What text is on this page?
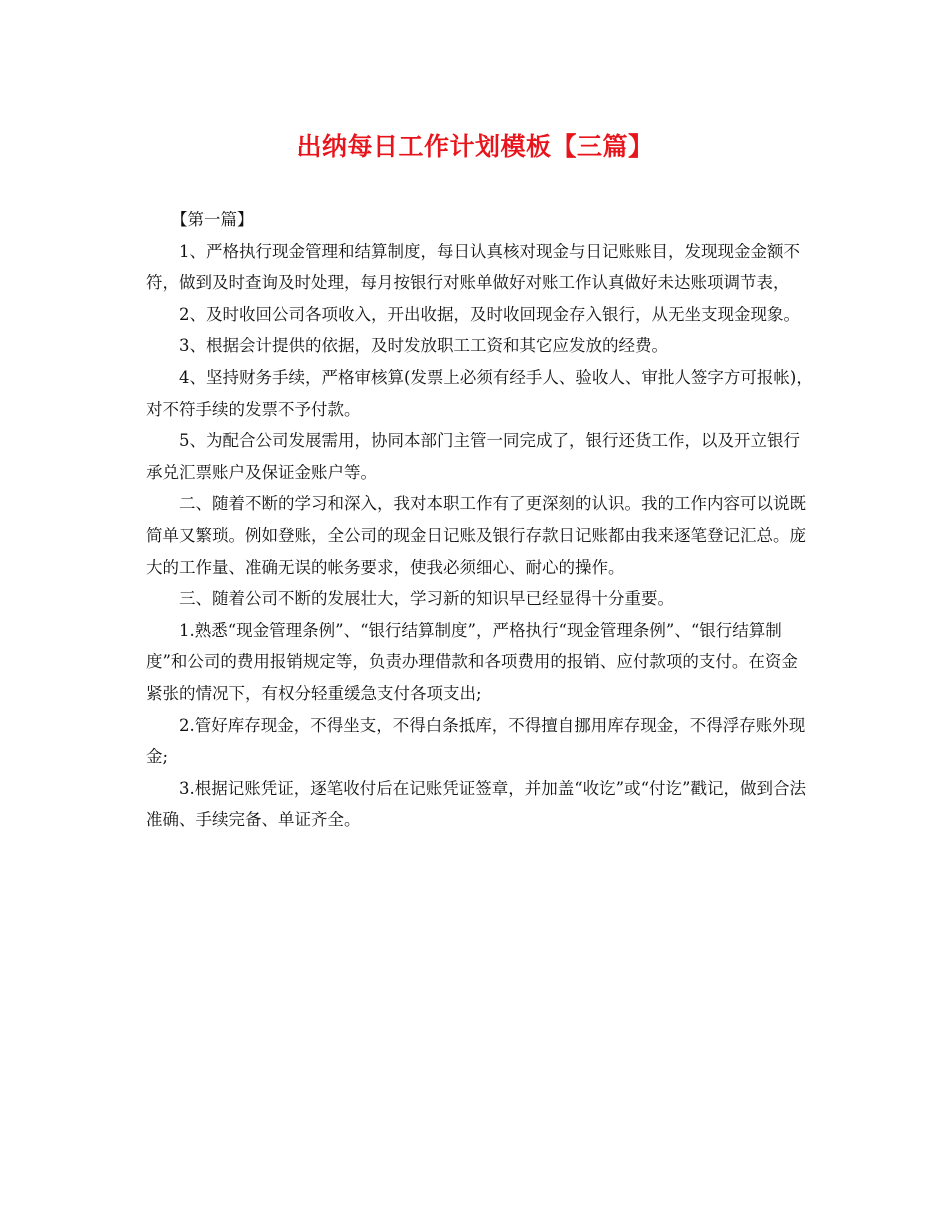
出纳每日工作计划模板【三篇】

【第一篇】

1、严格执行现金管理和结算制度，每日认真核对现金与日记账账目，发现现金金额不符，做到及时查询及时处理，每月按银行对账单做好对账工作认真做好未达账项调节表，

2、及时收回公司各项收入，开出收据，及时收回现金存入银行，从无坐支现金现象。

3、根据会计提供的依据，及时发放职工工资和其它应发放的经费。

4、坚持财务手续，严格审核算(发票上必须有经手人、验收人、审批人签字方可报帐)，对不符手续的发票不予付款。

5、为配合公司发展需用，协同本部门主管一同完成了，银行还货工作，以及开立银行承兑汇票账户及保证金账户等。

二、随着不断的学习和深入，我对本职工作有了更深刻的认识。我的工作内容可以说既简单又繁琐。例如登账，全公司的现金日记账及银行存款日记账都由我来逐笔登记汇总。庞大的工作量、准确无误的帐务要求，使我必须细心、耐心的操作。

三、随着公司不断的发展壮大，学习新的知识早已经显得十分重要。

1.熟悉“现金管理条例”、“银行结算制度”，严格执行“现金管理条例”、“银行结算制度”和公司的费用报销规定等，负责办理借款和各项费用的报销、应付款项的支付。在资金紧张的情况下，有权分轻重缓急支付各项支出;

2.管好库存现金，不得坐支，不得白条抵库，不得擅自挪用库存现金，不得浮存账外现金;

3.根据记账凭证，逐笔收付后在记账凭证签章，并加盖“收讫”或“付讫”戳记，做到合法准确、手续完备、单证齐全。
